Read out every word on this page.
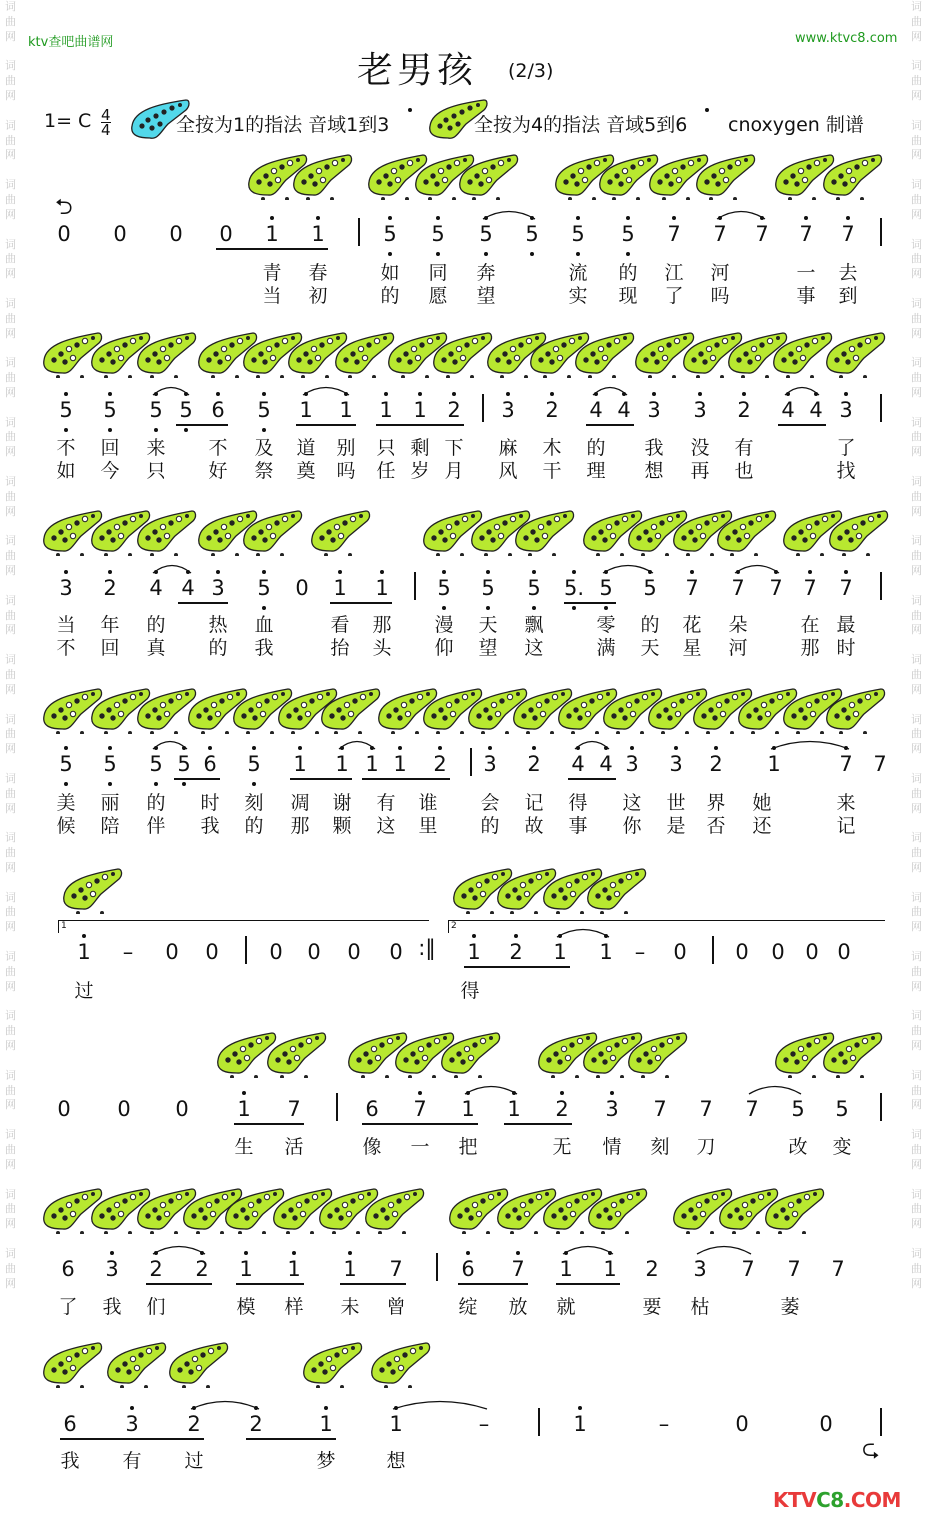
词
曲
网

词
曲
网

词
曲
网

词
曲
网

词
曲
网

词
曲
网

词
曲
网

词
曲
网

词
曲
网

词
曲
网

词
曲
网

词
曲
网

词
曲
网

词
曲
网

词
曲
网

词
曲
网

词
曲
网

词
曲
网

词
曲
网

词
曲
网

词
曲
网

词
曲
网

词
曲
网

词
曲
网

词
曲
网

词
曲
网

词
曲
网

词
曲
网

词
曲
网

词
曲
网

词
曲
网

词
曲
网

词
曲
网

词
曲
网

词
曲
网

词
曲
网

词
曲
网

词
曲
网

词
曲
网

词
曲
网

词
曲
网

词
曲
网

词
曲
网

词
曲
网

ktv查吧曲谱网	www.ktvc8.com
老男孩 (2/3)
1= C $\frac{4}{4}$	全按为1的指法 音域1到3	全按为4的指法 音域5到6 cnoxygen 制谱
⮌
⮎
0 0 0 0 1 1	5 5 5 5 5 5 7 7 7 7 7
青 春	如 同 奔	流 的 江 河	一 去
当 初	的 愿 望	实 现 了 吗	事 到
5 5 5 5 6 5 1 1 1 1 2 3 2 4 4 3 3 2 4 4 3
不 回 来 不 及 道 别 只 剩 下 麻 木 的 我 没 有	了
如 今 只 好 祭 奠 吗 任 岁 月 风 干 理 想 再 也	找
3 2 4 4 3 5 0 1 1 5 5 5 5. 5 5 7 7 7 7 7
当 年 的 热 血	看 那 漫 天 飘	零 的 花 朵	在 最
不 回 真 的 我	抬 头 仰 望 这	满 天 星 河	那 时
5 5 5 5 6 5 1 1 1 1 2 3 2 4 4 3 3 2 1	7 7
美 丽 的 时 刻 凋 谢 有 谁 会 记 得 这 世 界 她	来
候 陪 伴 我 的 那 颗 这 里 的 故 事 你 是 否 还	记
1 – 0 0 0 0 0 0 :‖ 1 2 1 1 – 0 0 0 0 0
过	得
1	2
0 0 0 1 7	6 7 1 1 2 3 7 7 7 5 5
生 活	像 一 把	无 情 刻 刀	改 变
6 3 2 2 1 1 1 7	6 7 1 1 2 3 7 7 7
了 我 们	模 样 未 曾	绽 放 就	要 枯	萎
6 3 2 2	1	1	–	1	–	0	0
我 有 过	梦	想
KTVC8.COM
